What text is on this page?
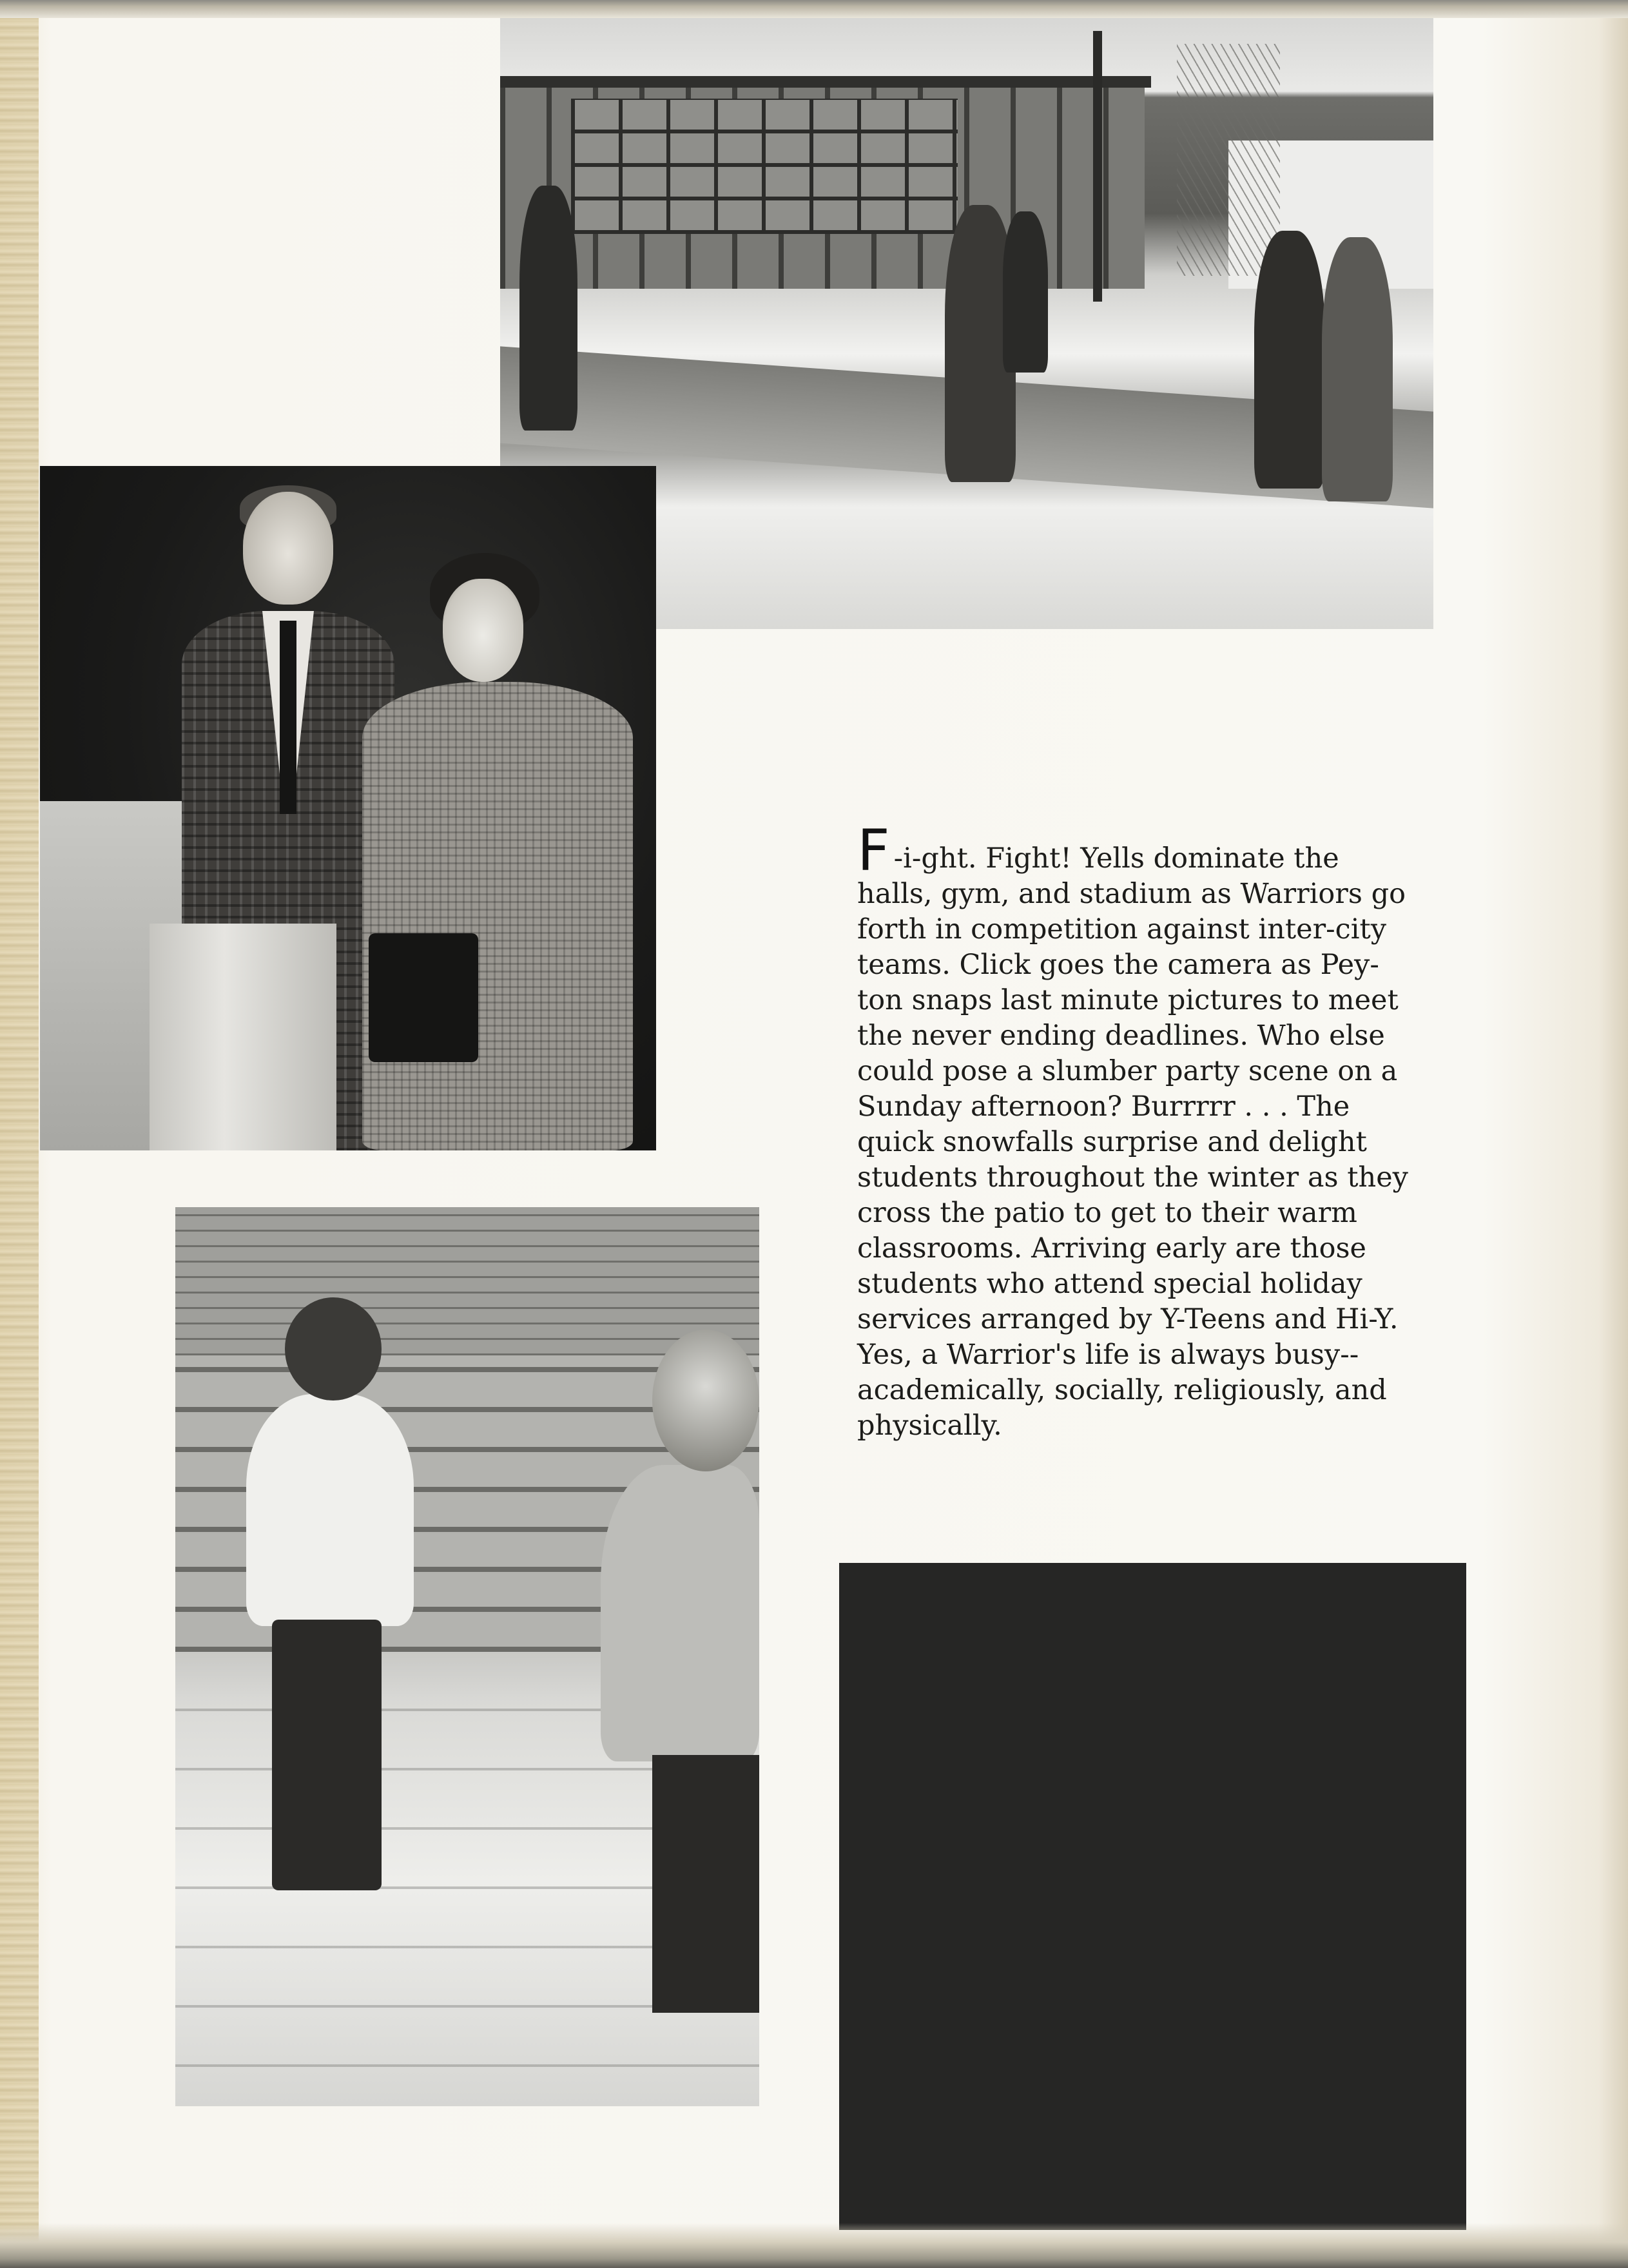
F -i-ght. Fight! Yells dominate the
halls, gym, and stadium as Warriors go
forth in competition against inter-city
teams. Click goes the camera as Pey-
ton snaps last minute pictures to meet
the never ending deadlines. Who else
could pose a slumber party scene on a
Sunday afternoon? Burrrrr . . . The
quick snowfalls surprise and delight
students throughout the winter as they
cross the patio to get to their warm
classrooms. Arriving early are those
students who attend special holiday
services arranged by Y-Teens and Hi-Y.
Yes, a Warrior's life is always busy--
academically, socially, religiously, and
physically.
